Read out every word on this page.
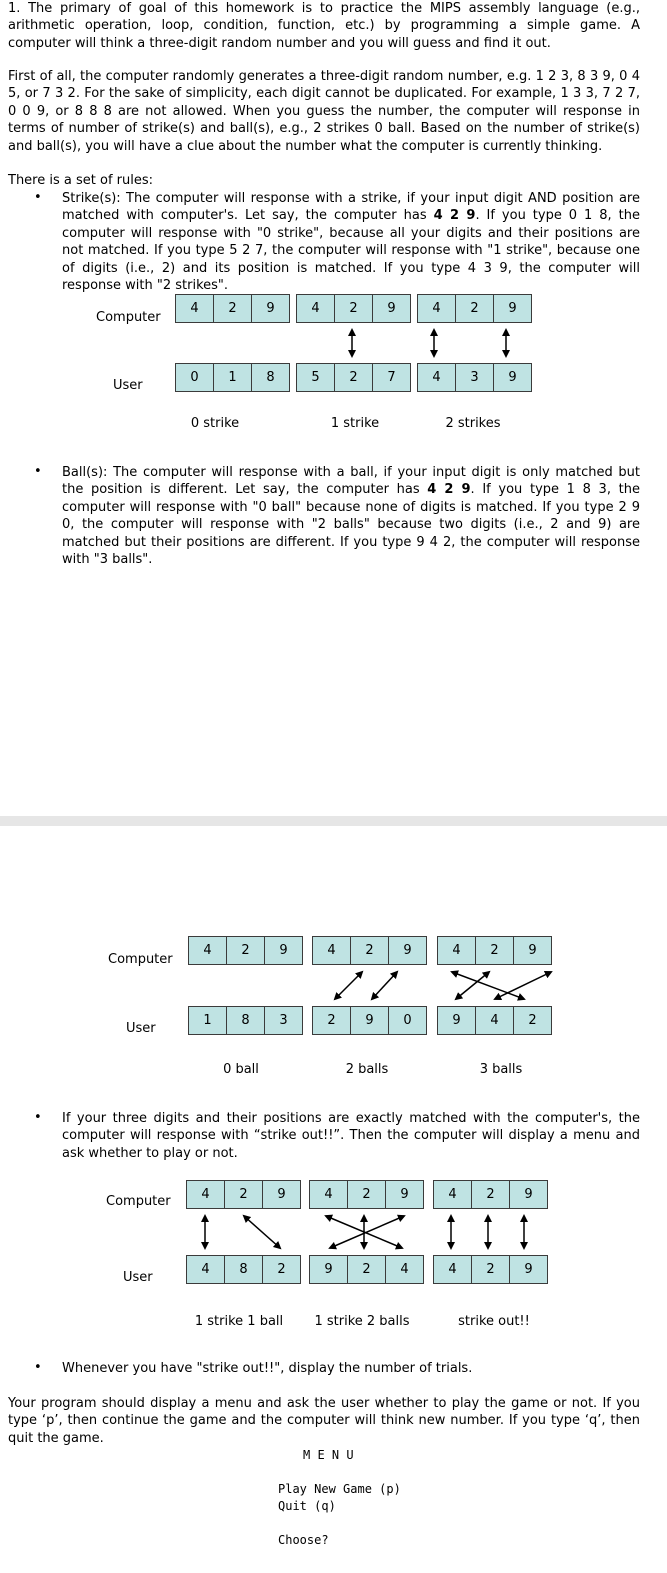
1. The primary of goal of this homework is to practice the MIPS assembly language (e.g., arithmetic operation, loop, condition, function, etc.) by programming a simple game. A computer will think a three-digit random number and you will guess and find it out.

First of all, the computer randomly generates a three-digit random number, e.g. 1 2 3, 8 3 9, 0 4 5, or 7 3 2. For the sake of simplicity, each digit cannot be duplicated. For example, 1 3 3, 7 2 7, 0 0 9, or 8 8 8 are not allowed. When you guess the number, the computer will response in terms of number of strike(s) and ball(s), e.g., 2 strikes 0 ball. Based on the number of strike(s) and ball(s), you will have a clue about the number what the computer is currently thinking.

There is a set of rules:

• Strike(s): The computer will response with a strike, if your input digit AND position are matched with computer's. Let say, the computer has 4 2 9. If you type 0 1 8, the computer will response with "0 strike", because all your digits and their positions are not matched. If you type 5 2 7, the computer will response with "1 strike", because one of digits (i.e., 2) and its position is matched. If you type 4 3 9, the computer will response with "2 strikes".

Computer
User
4	2	9	4	2	9	4	2	9
0	1	8	5	2	7	4	3	9
0 strike	1 strike	2 strikes
• Ball(s): The computer will response with a ball, if your input digit is only matched but the position is different. Let say, the computer has 4 2 9. If you type 1 8 3, the computer will response with "0 ball" because none of digits is matched. If you type 2 9 0, the computer will response with "2 balls" because two digits (i.e., 2 and 9) are matched but their positions are different. If you type 9 4 2, the computer will response with "3 balls".

Computer
User
4	2	9	4	2	9	4	2	9
1	8	3	2	9	0	9	4	2
0 ball	2 balls	3 balls
• If your three digits and their positions are exactly matched with the computer's, the computer will response with “strike out!!”. Then the computer will display a menu and ask whether to play or not.

Computer
User
4	2	9	4	2	9	4	2	9
4	8	2	9	2	4	4	2	9
1 strike 1 ball	1 strike 2 balls	strike out!!
• Whenever you have "strike out!!", display the number of trials.

Your program should display a menu and ask the user whether to play the game or not. If you type ‘p’, then continue the game and the computer will think new number. If you type ‘q’, then quit the game.

M E N U
Play New Game (p)
Quit (q)
Choose?
